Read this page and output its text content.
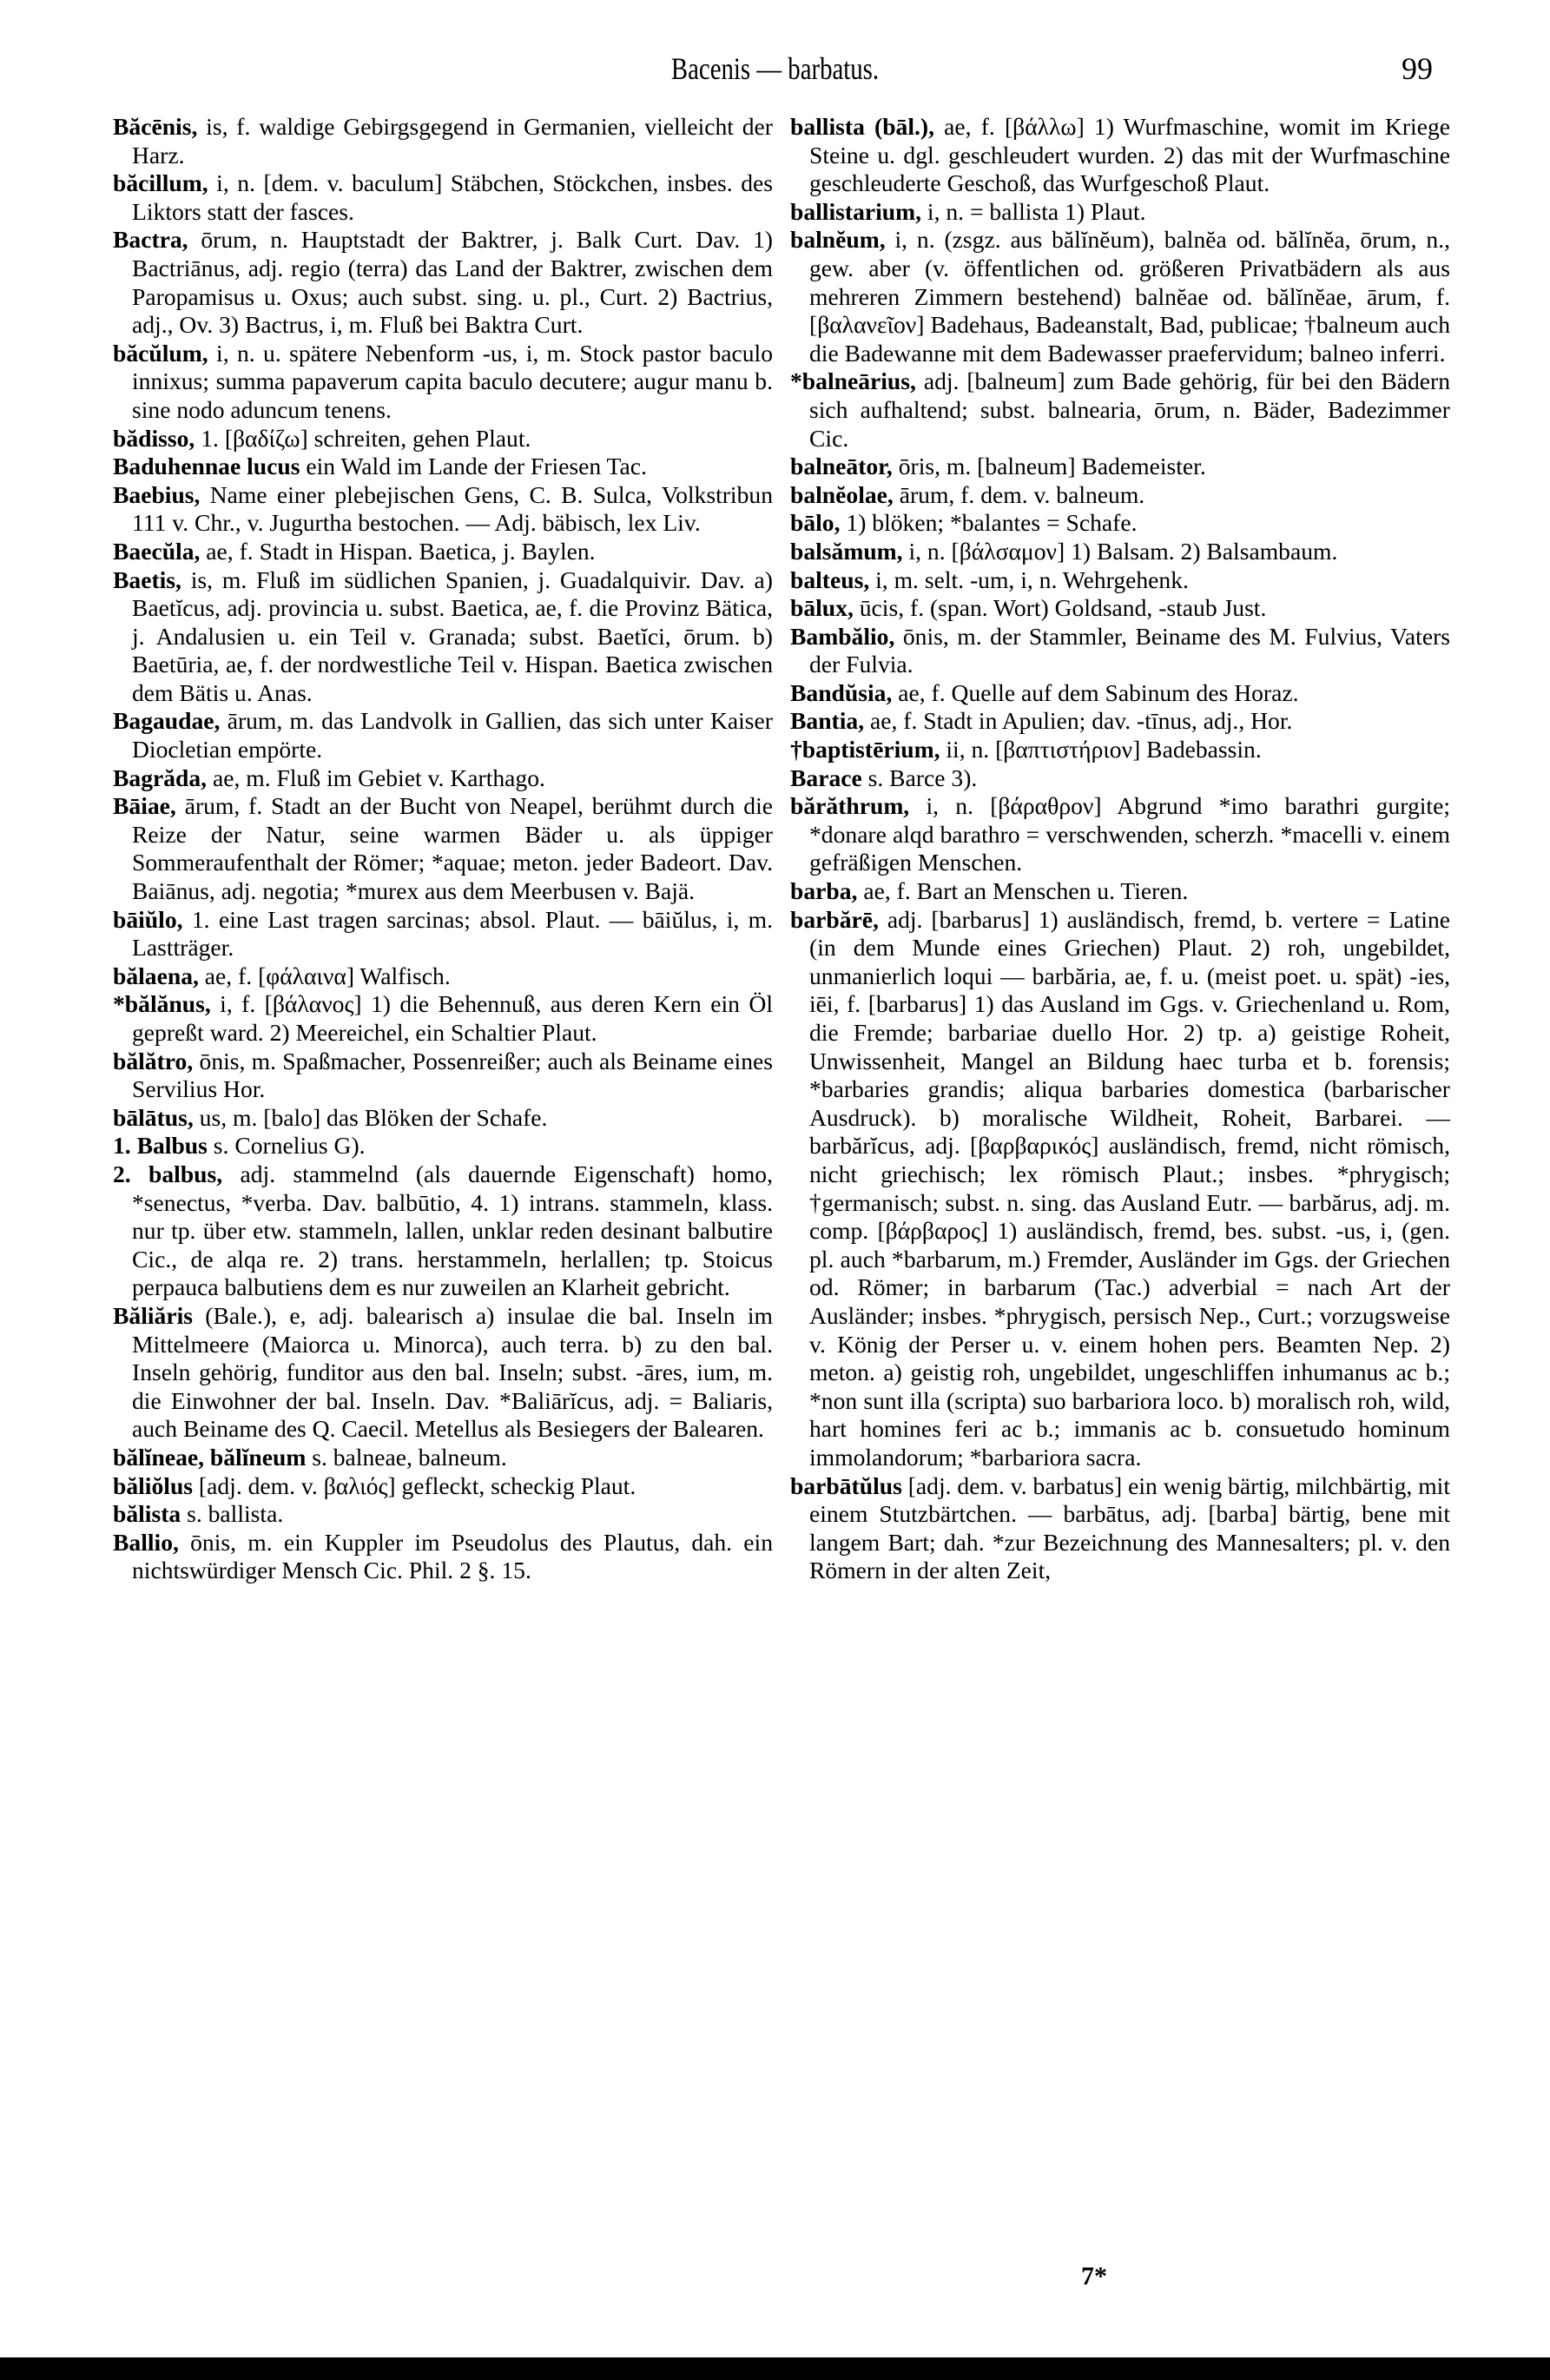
Bacenis — barbatus.	99

Băcēnis, is, f. waldige Gebirgsgegend in Germanien, vielleicht der Harz.

băcillum, i, n. [dem. v. baculum] Stäbchen, Stöckchen, insbes. des Liktors statt der fasces.

Bactra, ōrum, n. Hauptstadt der Baktrer, j. Balk Curt. Dav. 1) Bactriānus, adj. regio (terra) das Land der Baktrer, zwischen dem Paropamisus u. Oxus; auch subst. sing. u. pl., Curt. 2) Bactrius, adj., Ov. 3) Bactrus, i, m. Fluß bei Baktra Curt.

băcŭlum, i, n. u. spätere Nebenform -us, i, m. Stock pastor baculo innixus; summa papaverum capita baculo decutere; augur manu b. sine nodo aduncum tenens.

bădisso, 1. [βαδίζω] schreiten, gehen Plaut.

Baduhennae lucus ein Wald im Lande der Friesen Tac.

Baebius, Name einer plebejischen Gens, C. B. Sulca, Volkstribun 111 v. Chr., v. Jugurtha bestochen. — Adj. bäbisch, lex Liv.

Baecŭla, ae, f. Stadt in Hispan. Baetica, j. Baylen.

Baetis, is, m. Fluß im südlichen Spanien, j. Guadalquivir. Dav. a) Baetĭcus, adj. provincia u. subst. Baetica, ae, f. die Provinz Bätica, j. Andalusien u. ein Teil v. Granada; subst. Baetĭci, ōrum. b) Baetūria, ae, f. der nordwestliche Teil v. Hispan. Baetica zwischen dem Bätis u. Anas.

Bagaudae, ārum, m. das Landvolk in Gallien, das sich unter Kaiser Diocletian empörte.

Bagrăda, ae, m. Fluß im Gebiet v. Karthago.

Bāiae, ārum, f. Stadt an der Bucht von Neapel, berühmt durch die Reize der Natur, seine warmen Bäder u. als üppiger Sommeraufenthalt der Römer; *aquae; meton. jeder Badeort. Dav. Baiānus, adj. negotia; *murex aus dem Meerbusen v. Bajä.

bāiŭlo, 1. eine Last tragen sarcinas; absol. Plaut. — bāiŭlus, i, m. Lastträger.

bălaena, ae, f. [φάλαινα] Walfisch.

*bălănus, i, f. [βάλανος] 1) die Behennuß, aus deren Kern ein Öl gepreßt ward. 2) Meereichel, ein Schaltier Plaut.

bălătro, ōnis, m. Spaßmacher, Possenreißer; auch als Beiname eines Servilius Hor.

bālātus, us, m. [balo] das Blöken der Schafe.

1. Balbus s. Cornelius G).

2. balbus, adj. stammelnd (als dauernde Eigenschaft) homo, *senectus, *verba. Dav. balbūtio, 4. 1) intrans. stammeln, klass. nur tp. über etw. stammeln, lallen, unklar reden desinant balbutire Cic., de alqa re. 2) trans. herstammeln, herlallen; tp. Stoicus perpauca balbutiens dem es nur zuweilen an Klarheit gebricht.

Băliăris (Bale.), e, adj. balearisch a) insulae die bal. Inseln im Mittelmeere (Maiorca u. Minorca), auch terra. b) zu den bal. Inseln gehörig, funditor aus den bal. Inseln; subst. -āres, ium, m. die Einwohner der bal. Inseln. Dav. *Baliārĭcus, adj. = Baliaris, auch Beiname des Q. Caecil. Metellus als Besiegers der Balearen.

bălĭneae, bălĭneum s. balneae, balneum.

băliŏlus [adj. dem. v. βαλιός] gefleckt, scheckig Plaut.

bălista s. ballista.

Ballio, ōnis, m. ein Kuppler im Pseudolus des Plautus, dah. ein nichtswürdiger Mensch Cic. Phil. 2 §. 15.

ballista (bāl.), ae, f. [βάλλω] 1) Wurfmaschine, womit im Kriege Steine u. dgl. geschleudert wurden. 2) das mit der Wurfmaschine geschleuderte Geschoß, das Wurfgeschoß Plaut.

ballistarium, i, n. = ballista 1) Plaut.

balnĕum, i, n. (zsgz. aus bălĭnĕum), balnĕa od. bălĭnĕa, ōrum, n., gew. aber (v. öffentlichen od. größeren Privatbädern als aus mehreren Zimmern bestehend) balnĕae od. bălĭnĕae, ārum, f. [βαλανεῖον] Badehaus, Badeanstalt, Bad, publicae; †balneum auch die Badewanne mit dem Badewasser praefervidum; balneo inferri.

*balneārius, adj. [balneum] zum Bade gehörig, für bei den Bädern sich aufhaltend; subst. balnearia, ōrum, n. Bäder, Badezimmer Cic.

balneātor, ōris, m. [balneum] Bademeister.

balnĕolae, ārum, f. dem. v. balneum.

bālo, 1) blöken; *balantes = Schafe.

balsămum, i, n. [βάλσαμον] 1) Balsam. 2) Balsambaum.

balteus, i, m. selt. -um, i, n. Wehrgehenk.

bālux, ūcis, f. (span. Wort) Goldsand, -staub Just.

Bambălio, ōnis, m. der Stammler, Beiname des M. Fulvius, Vaters der Fulvia.

Bandŭsia, ae, f. Quelle auf dem Sabinum des Horaz.

Bantia, ae, f. Stadt in Apulien; dav. -tīnus, adj., Hor.

†baptistērium, ii, n. [βαπτιστήριον] Badebassin.

Barace s. Barce 3).

bărăthrum, i, n. [βάραθρον] Abgrund *imo barathri gurgite; *donare alqd barathro = verschwenden, scherzh. *macelli v. einem gefräßigen Menschen.

barba, ae, f. Bart an Menschen u. Tieren.

barbărē, adj. [barbarus] 1) ausländisch, fremd, b. vertere = Latine (in dem Munde eines Griechen) Plaut. 2) roh, ungebildet, unmanierlich loqui — barbăria, ae, f. u. (meist poet. u. spät) -ies, iēi, f. [barbarus] 1) das Ausland im Ggs. v. Griechenland u. Rom, die Fremde; barbariae duello Hor. 2) tp. a) geistige Roheit, Unwissenheit, Mangel an Bildung haec turba et b. forensis; *barbaries grandis; aliqua barbaries domestica (barbarischer Ausdruck). b) moralische Wildheit, Roheit, Barbarei. — barbărĭcus, adj. [βαρβαρικός] ausländisch, fremd, nicht römisch, nicht griechisch; lex römisch Plaut.; insbes. *phrygisch; †germanisch; subst. n. sing. das Ausland Eutr. — barbărus, adj. m. comp. [βάρβαρος] 1) ausländisch, fremd, bes. subst. -us, i, (gen. pl. auch *barbarum, m.) Fremder, Ausländer im Ggs. der Griechen od. Römer; in barbarum (Tac.) adverbial = nach Art der Ausländer; insbes. *phrygisch, persisch Nep., Curt.; vorzugsweise v. König der Perser u. v. einem hohen pers. Beamten Nep. 2) meton. a) geistig roh, ungebildet, ungeschliffen inhumanus ac b.; *non sunt illa (scripta) suo barbariora loco. b) moralisch roh, wild, hart homines feri ac b.; immanis ac b. consuetudo hominum immolandorum; *barbariora sacra.

barbātŭlus [adj. dem. v. barbatus] ein wenig bärtig, milchbärtig, mit einem Stutzbärtchen. — barbātus, adj. [barba] bärtig, bene mit langem Bart; dah. *zur Bezeichnung des Mannesalters; pl. v. den Römern in der alten Zeit,

7*
